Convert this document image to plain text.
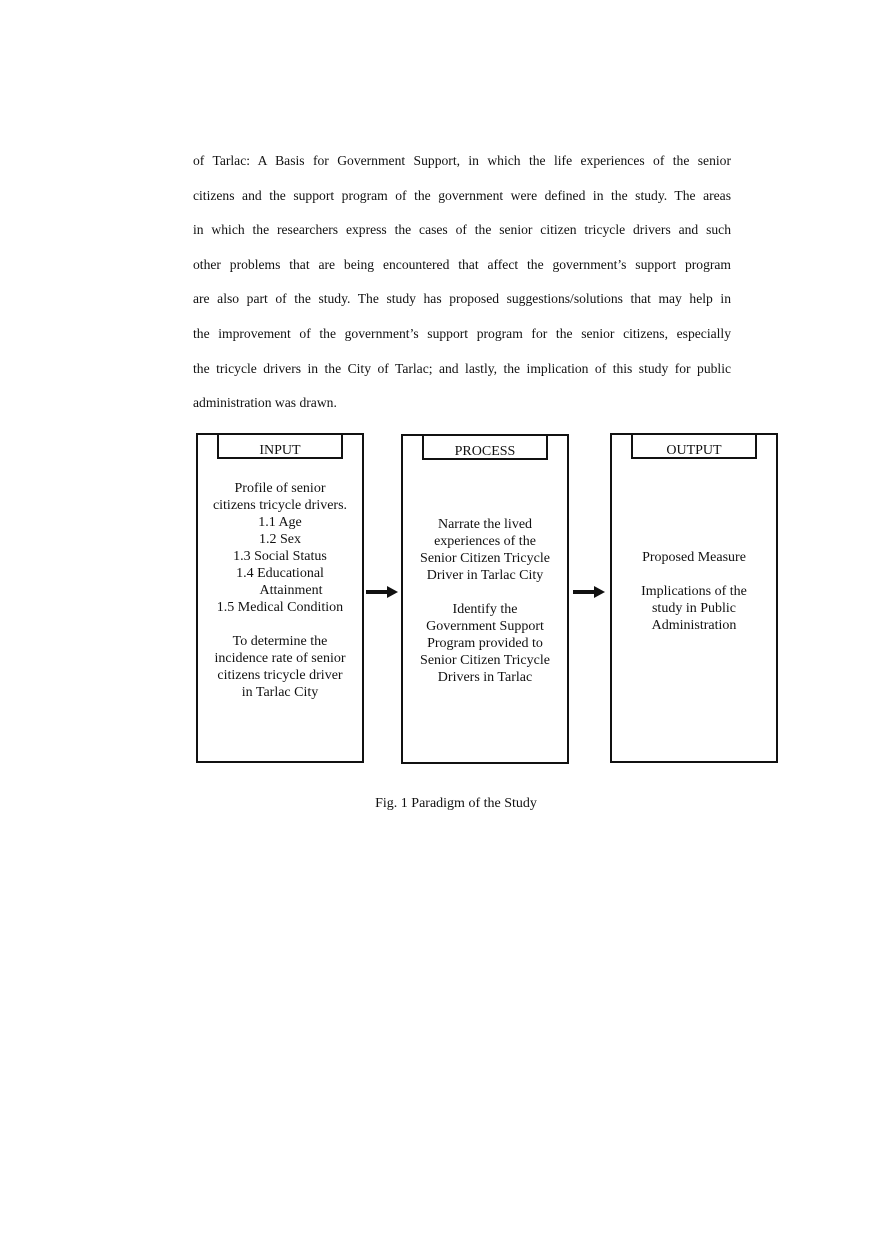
of Tarlac: A Basis for Government Support, in which the life experiences of the senior
citizens and the support program of the government were defined in the study. The areas
in which the researchers express the cases of the senior citizen tricycle drivers and such
other problems that are being encountered that affect the government’s support program
are also part of the study. The study has proposed suggestions/solutions that may help in
the improvement of the government’s support program for the senior citizens, especially
the tricycle drivers in the City of Tarlac; and lastly, the implication of this study for public
administration was drawn.
INPUT
Profile of senior
citizens tricycle drivers.
1.1 Age
1.2 Sex
1.3 Social Status
1.4 Educational
Attainment
1.5 Medical Condition
To determine the
incidence rate of senior
citizens tricycle driver
in Tarlac City
PROCESS
Narrate the lived
experiences of the
Senior Citizen Tricycle
Driver in Tarlac City
Identify the
Government Support
Program provided to
Senior Citizen Tricycle
Drivers in Tarlac
OUTPUT
Proposed Measure
Implications of the
study in Public
Administration

Fig. 1 Paradigm of the Study
